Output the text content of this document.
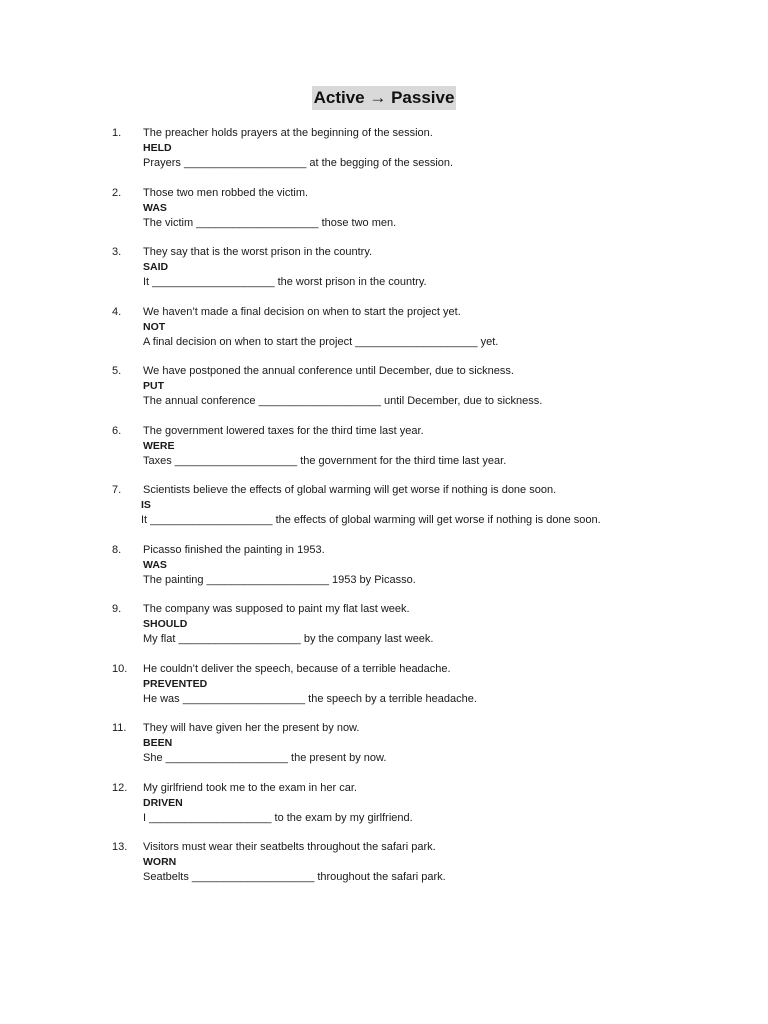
Active → Passive
1.	The preacher holds prayers at the beginning of the session.
HELD
Prayers ____________________ at the begging of the session.
2.	Those two men robbed the victim.
WAS
The victim ____________________ those two men.
3.	They say that is the worst prison in the country.
SAID
It ____________________ the worst prison in the country.
4.	We haven’t made a final decision on when to start the project yet.
NOT
A final decision on when to start the project ____________________ yet.
5.	We have postponed the annual conference until December, due to sickness.
PUT
The annual conference ____________________ until December, due to sickness.
6.	The government lowered taxes for the third time last year.
WERE
Taxes ____________________ the government for the third time last year.
7.	Scientists believe the effects of global warming will get worse if nothing is done soon.
IS
It ____________________ the effects of global warming will get worse if nothing is done soon.
8.	Picasso finished the painting in 1953.
WAS
The painting ____________________ 1953 by Picasso.
9.	The company was supposed to paint my flat last week.
SHOULD
My flat ____________________ by the company last week.
10.	He couldn’t deliver the speech, because of a terrible headache.
PREVENTED
He was ____________________ the speech by a terrible headache.
11.	They will have given her the present by now.
BEEN
She ____________________ the present by now.
12.	My girlfriend took me to the exam in her car.
DRIVEN
I ____________________ to the exam by my girlfriend.
13.	Visitors must wear their seatbelts throughout the safari park.
WORN
Seatbelts ____________________ throughout the safari park.
